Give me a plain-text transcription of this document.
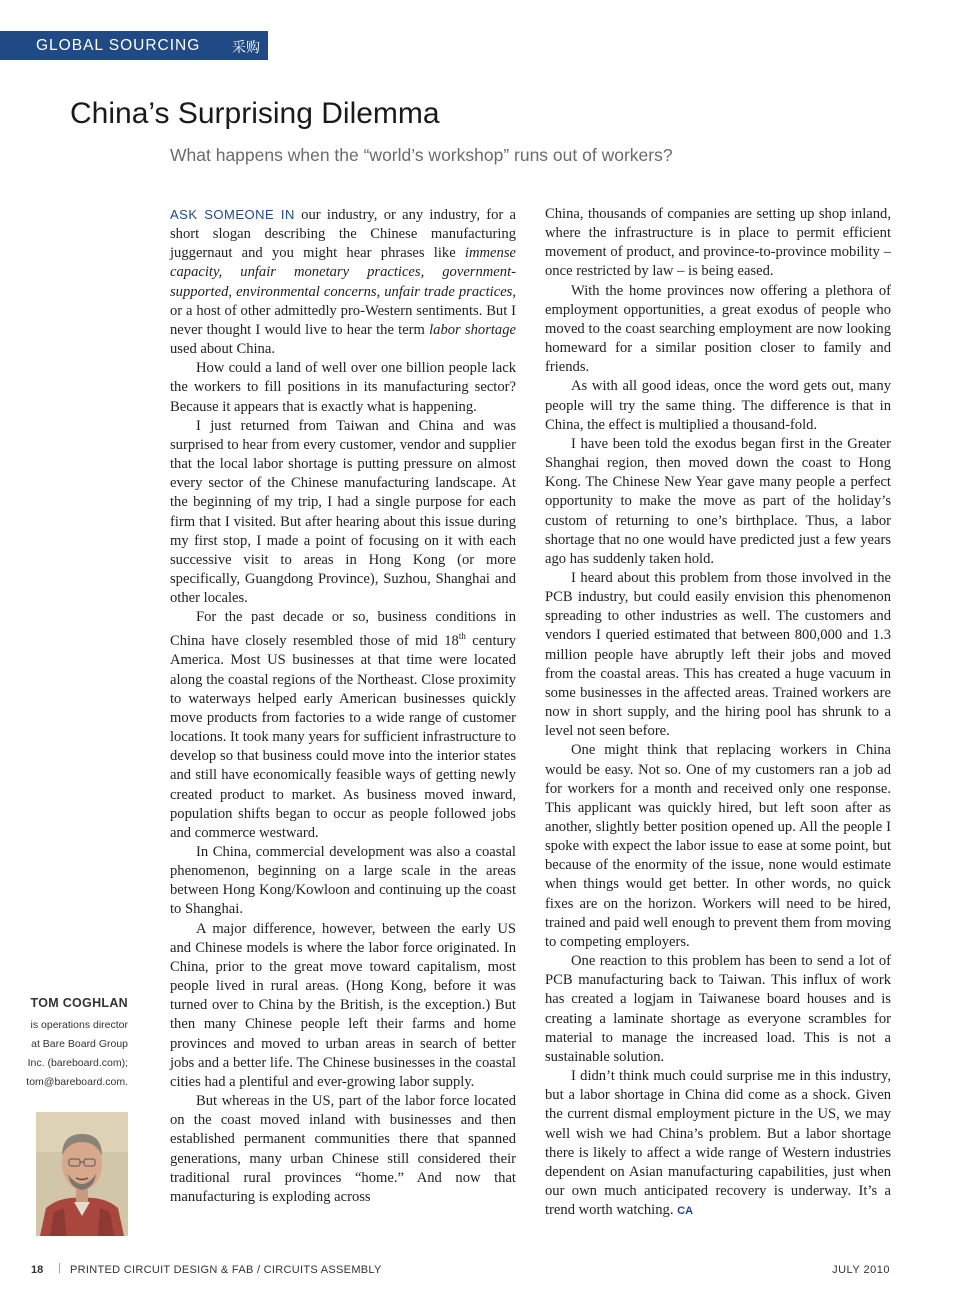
GLOBAL SOURCING 采购
China’s Surprising Dilemma

What happens when the “world’s workshop” runs out of workers?

TOM COGHLAN
is operations director at Bare Board Group Inc. (bareboard.com); tom@bareboard.com.

ASK SOMEONE IN our industry, or any industry, for a short slogan describing the Chinese manufacturing juggernaut and you might hear phrases like immense capacity, unfair monetary practices, government-supported, environmental concerns, unfair trade practices, or a host of other admittedly pro-Western sentiments. But I never thought I would live to hear the term labor shortage used about China.

How could a land of well over one billion people lack the workers to fill positions in its manufacturing sector? Because it appears that is exactly what is happening.

I just returned from Taiwan and China and was surprised to hear from every customer, vendor and supplier that the local labor shortage is putting pressure on almost every sector of the Chinese manufacturing landscape. At the beginning of my trip, I had a single purpose for each firm that I visited. But after hearing about this issue during my first stop, I made a point of focusing on it with each successive visit to areas in Hong Kong (or more specifically, Guangdong Province), Suzhou, Shanghai and other locales.

For the past decade or so, business conditions in China have closely resembled those of mid 18th century America. Most US businesses at that time were located along the coastal regions of the Northeast. Close proximity to waterways helped early American businesses quickly move products from factories to a wide range of customer locations. It took many years for sufficient infrastructure to develop so that business could move into the interior states and still have economically feasible ways of getting newly created product to market. As business moved inward, population shifts began to occur as people followed jobs and commerce westward.

In China, commercial development was also a coastal phenomenon, beginning on a large scale in the areas between Hong Kong/Kowloon and continuing up the coast to Shanghai.

A major difference, however, between the early US and Chinese models is where the labor force originated. In China, prior to the great move toward capitalism, most people lived in rural areas. (Hong Kong, before it was turned over to China by the British, is the exception.) But then many Chinese people left their farms and home provinces and moved to urban areas in search of better jobs and a better life. The Chinese businesses in the coastal cities had a plentiful and ever-growing labor supply.

But whereas in the US, part of the labor force located on the coast moved inland with businesses and then established permanent communities there that spanned generations, many urban Chinese still considered their traditional rural provinces “home.” And now that manufacturing is exploding across

China, thousands of companies are setting up shop inland, where the infrastructure is in place to permit efficient movement of product, and province-to-province mobility – once restricted by law – is being eased.

With the home provinces now offering a plethora of employment opportunities, a great exodus of people who moved to the coast searching employment are now looking homeward for a similar position closer to family and friends.

As with all good ideas, once the word gets out, many people will try the same thing. The difference is that in China, the effect is multiplied a thousand-fold.

I have been told the exodus began first in the Greater Shanghai region, then moved down the coast to Hong Kong. The Chinese New Year gave many people a perfect opportunity to make the move as part of the holiday’s custom of returning to one’s birthplace. Thus, a labor shortage that no one would have predicted just a few years ago has suddenly taken hold.

I heard about this problem from those involved in the PCB industry, but could easily envision this phenomenon spreading to other industries as well. The customers and vendors I queried estimated that between 800,000 and 1.3 million people have abruptly left their jobs and moved from the coastal areas. This has created a huge vacuum in some businesses in the affected areas. Trained workers are now in short supply, and the hiring pool has shrunk to a level not seen before.

One might think that replacing workers in China would be easy. Not so. One of my customers ran a job ad for workers for a month and received only one response. This applicant was quickly hired, but left soon after as another, slightly better position opened up. All the people I spoke with expect the labor issue to ease at some point, but because of the enormity of the issue, none would estimate when things would get better. In other words, no quick fixes are on the horizon. Workers will need to be hired, trained and paid well enough to prevent them from moving to competing employers.

One reaction to this problem has been to send a lot of PCB manufacturing back to Taiwan. This influx of work has created a logjam in Taiwanese board houses and is creating a laminate shortage as everyone scrambles for material to manage the increased load. This is not a sustainable solution.

I didn’t think much could surprise me in this industry, but a labor shortage in China did come as a shock. Given the current dismal employment picture in the US, we may well wish we had China’s problem. But a labor shortage there is likely to affect a wide range of Western industries dependent on Asian manufacturing capabilities, just when our own much anticipated recovery is underway. It’s a trend worth watching. CA

18 | PRINTED CIRCUIT DESIGN & FAB / CIRCUITS ASSEMBLY	JULY 2010
